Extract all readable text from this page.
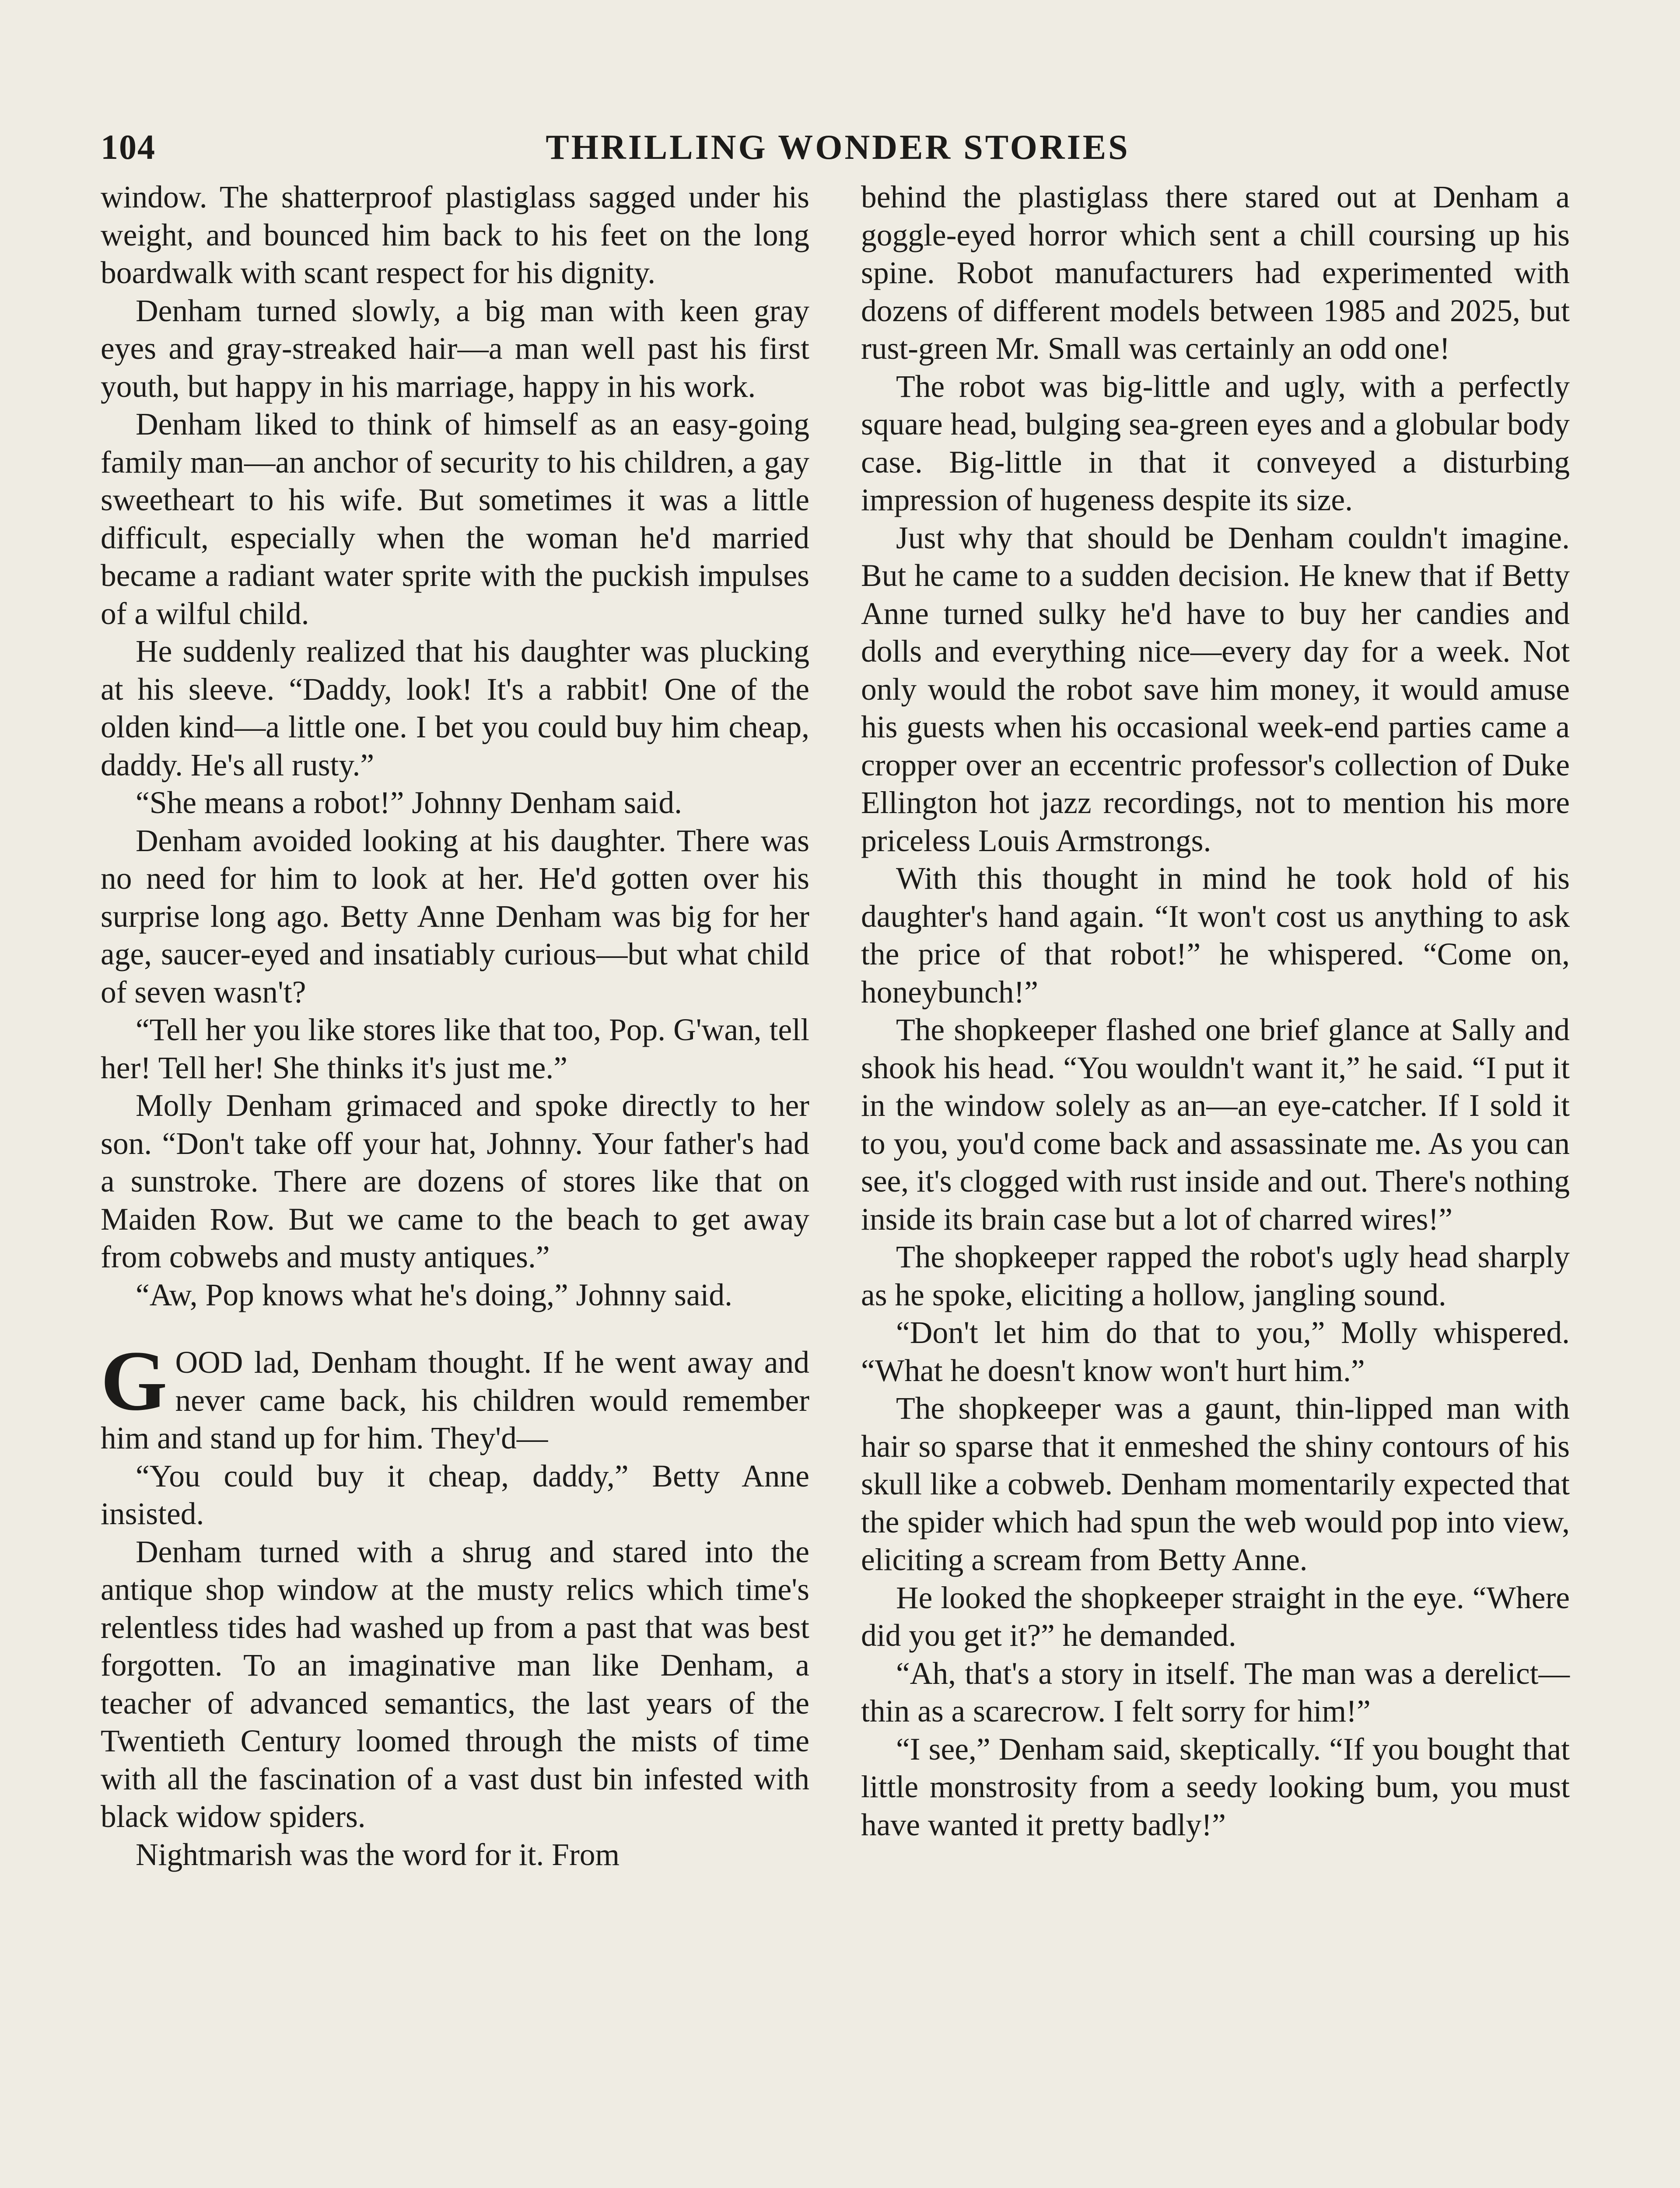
104	THRILLING WONDER STORIES

window. The shatterproof plastiglass sagged under his weight, and bounced him back to his feet on the long boardwalk with scant respect for his dignity.

Denham turned slowly, a big man with keen gray eyes and gray-streaked hair—a man well past his first youth, but happy in his marriage, happy in his work.

Denham liked to think of himself as an easy-going family man—an anchor of security to his children, a gay sweetheart to his wife. But sometimes it was a little difficult, especially when the woman he'd married became a radiant water sprite with the puckish impulses of a wilful child.

He suddenly realized that his daughter was plucking at his sleeve. “Daddy, look! It's a rabbit! One of the olden kind—a little one. I bet you could buy him cheap, daddy. He's all rusty.”

“She means a robot!” Johnny Denham said.

Denham avoided looking at his daughter. There was no need for him to look at her. He'd gotten over his surprise long ago. Betty Anne Denham was big for her age, saucer-eyed and insatiably curious—but what child of seven wasn't?

“Tell her you like stores like that too, Pop. G'wan, tell her! Tell her! She thinks it's just me.”

Molly Denham grimaced and spoke directly to her son. “Don't take off your hat, Johnny. Your father's had a sunstroke. There are dozens of stores like that on Maiden Row. But we came to the beach to get away from cobwebs and musty antiques.”

“Aw, Pop knows what he's doing,” Johnny said.

GOOD lad, Denham thought. If he went away and never came back, his children would remember him and stand up for him. They'd—

“You could buy it cheap, daddy,” Betty Anne insisted.

Denham turned with a shrug and stared into the antique shop window at the musty relics which time's relentless tides had washed up from a past that was best forgotten. To an imaginative man like Denham, a teacher of advanced semantics, the last years of the Twentieth Century loomed through the mists of time with all the fascination of a vast dust bin infested with black widow spiders.

Nightmarish was the word for it. From

behind the plastiglass there stared out at Denham a goggle-eyed horror which sent a chill coursing up his spine. Robot manufacturers had experimented with dozens of different models between 1985 and 2025, but rust-green Mr. Small was certainly an odd one!

The robot was big-little and ugly, with a perfectly square head, bulging sea-green eyes and a globular body case. Big-little in that it conveyed a disturbing impression of hugeness despite its size.

Just why that should be Denham couldn't imagine. But he came to a sudden decision. He knew that if Betty Anne turned sulky he'd have to buy her candies and dolls and everything nice—every day for a week. Not only would the robot save him money, it would amuse his guests when his occasional week-end parties came a cropper over an eccentric professor's collection of Duke Ellington hot jazz recordings, not to mention his more priceless Louis Armstrongs.

With this thought in mind he took hold of his daughter's hand again. “It won't cost us anything to ask the price of that robot!” he whispered. “Come on, honeybunch!”

The shopkeeper flashed one brief glance at Sally and shook his head. “You wouldn't want it,” he said. “I put it in the window solely as an—an eye-catcher. If I sold it to you, you'd come back and assassinate me. As you can see, it's clogged with rust inside and out. There's nothing inside its brain case but a lot of charred wires!”

The shopkeeper rapped the robot's ugly head sharply as he spoke, eliciting a hollow, jangling sound.

“Don't let him do that to you,” Molly whispered. “What he doesn't know won't hurt him.”

The shopkeeper was a gaunt, thin-lipped man with hair so sparse that it enmeshed the shiny contours of his skull like a cobweb. Denham momentarily expected that the spider which had spun the web would pop into view, eliciting a scream from Betty Anne.

He looked the shopkeeper straight in the eye. “Where did you get it?” he demanded.

“Ah, that's a story in itself. The man was a derelict—thin as a scarecrow. I felt sorry for him!”

“I see,” Denham said, skeptically. “If you bought that little monstrosity from a seedy looking bum, you must have wanted it pretty badly!”
